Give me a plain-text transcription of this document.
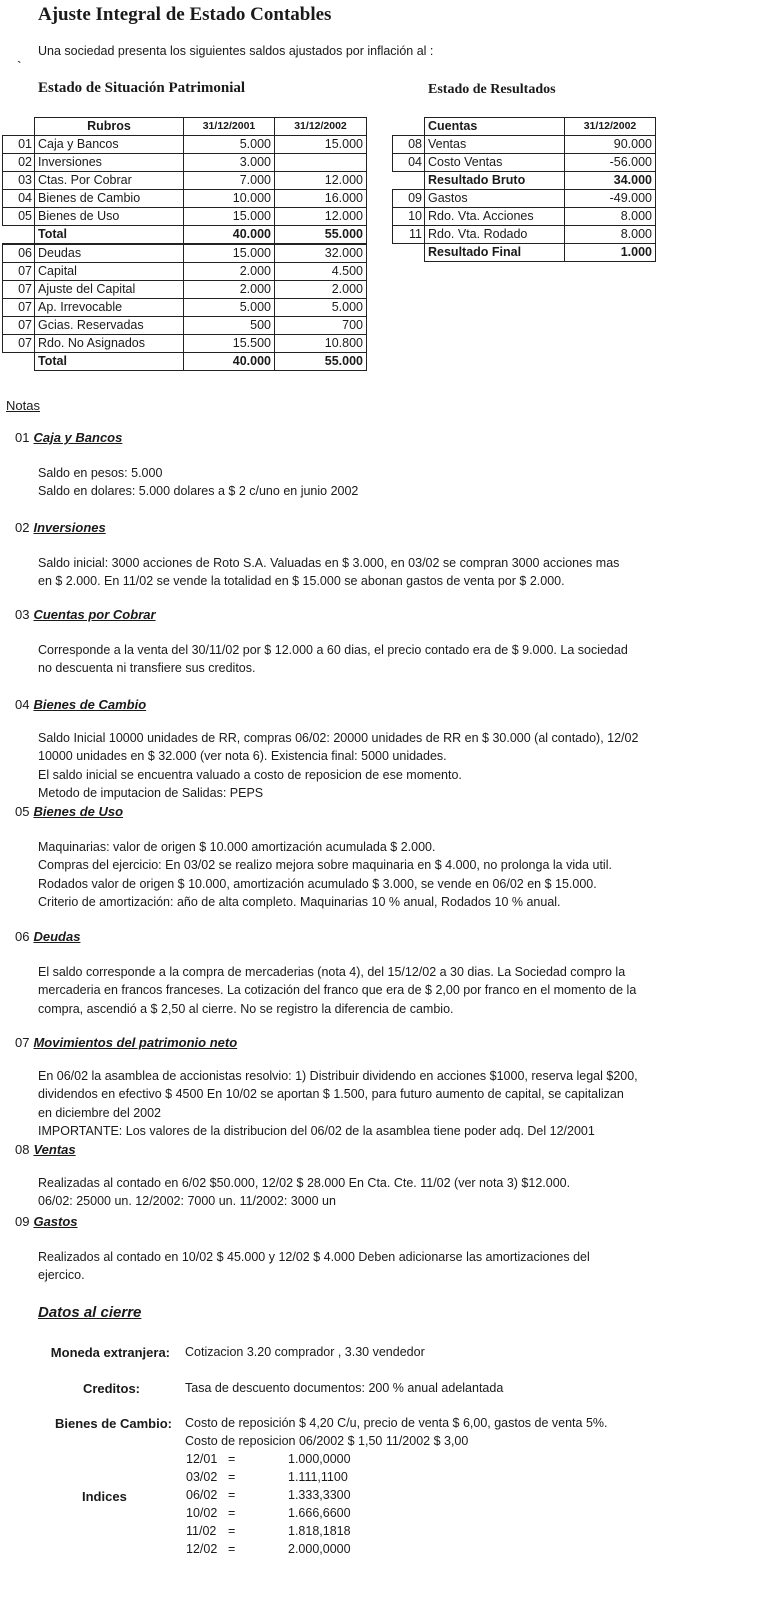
Ajuste Integral de Estado Contables
Una sociedad presenta los siguientes saldos ajustados por inflación al :
`
Estado de Situación Patrimonial	Estado de Resultados
	Rubros	31/12/2001	31/12/2002
01	Caja y Bancos	5.000	15.000
02	Inversiones	3.000	
03	Ctas. Por Cobrar	7.000	12.000
04	Bienes de Cambio	10.000	16.000
05	Bienes de Uso	15.000	12.000
	Total	40.000	55.000
06	Deudas	15.000	32.000
07	Capital	2.000	4.500
07	Ajuste del Capital	2.000	2.000
07	Ap. Irrevocable	5.000	5.000
07	Gcias. Reservadas	500	700
07	Rdo. No Asignados	15.500	10.800
	Total	40.000	55.000
	Cuentas	31/12/2002
08	Ventas	90.000
04	Costo Ventas	-56.000
	Resultado Bruto	34.000
09	Gastos	-49.000
10	Rdo. Vta. Acciones	8.000
11	Rdo. Vta. Rodado	8.000
	Resultado Final	1.000
Notas
01 Caja y Bancos
Saldo en pesos: 5.000
Saldo en dolares: 5.000 dolares a $ 2 c/uno en junio 2002
02 Inversiones
Saldo inicial: 3000 acciones de Roto S.A. Valuadas en $ 3.000, en 03/02 se compran 3000 acciones mas
en $ 2.000. En 11/02 se vende la totalidad en $ 15.000 se abonan gastos de venta por $ 2.000.
03 Cuentas por Cobrar
Corresponde a la venta del 30/11/02 por $ 12.000 a 60 dias, el precio contado era de $ 9.000. La sociedad
no descuenta ni transfiere sus creditos.
04 Bienes de Cambio
Saldo Inicial 10000 unidades de RR, compras 06/02: 20000 unidades de RR en $ 30.000 (al contado), 12/02
10000 unidades en $ 32.000 (ver nota 6). Existencia final: 5000 unidades.
El saldo inicial se encuentra valuado a costo de reposicion de ese momento.
Metodo de imputacion de Salidas: PEPS
05 Bienes de Uso
Maquinarias: valor de origen $ 10.000 amortización acumulada $ 2.000.
Compras del ejercicio: En 03/02 se realizo mejora sobre maquinaria en $ 4.000, no prolonga la vida util.
Rodados valor de origen $ 10.000, amortización acumulado $ 3.000, se vende en 06/02 en $ 15.000.
Criterio de amortización: año de alta completo. Maquinarias 10 % anual, Rodados 10 % anual.
06 Deudas
El saldo corresponde a la compra de mercaderias (nota 4), del 15/12/02 a 30 dias. La Sociedad compro la
mercaderia en francos franceses. La cotización del franco que era de $ 2,00 por franco en el momento de la
compra, ascendió a $ 2,50 al cierre. No se registro la diferencia de cambio.
07 Movimientos del patrimonio neto
En 06/02 la asamblea de accionistas resolvio: 1) Distribuir dividendo en acciones $1000, reserva legal $200,
dividendos en efectivo $ 4500 En 10/02 se aportan $ 1.500, para futuro aumento de capital, se capitalizan
en diciembre del 2002
IMPORTANTE: Los valores de la distribucion del 06/02 de la asamblea tiene poder adq. Del 12/2001
08 Ventas
Realizadas al contado en 6/02 $50.000, 12/02 $ 28.000 En Cta. Cte. 11/02 (ver nota 3) $12.000.
06/02: 25000 un. 12/2002: 7000 un. 11/2002: 3000 un
09 Gastos
Realizados al contado en 10/02 $ 45.000 y 12/02 $ 4.000 Deben adicionarse las amortizaciones del
ejercico.
Datos al cierre
Moneda extranjera: Cotizacion 3.20 comprador , 3.30 vendedor
Creditos:	Tasa de descuento documentos: 200 % anual adelantada
Bienes de Cambio: Costo de reposición $ 4,20 C/u, precio de venta $ 6,00, gastos de venta 5%.
Costo de reposicion 06/2002 $ 1,50 11/2002 $ 3,00
Indices
12/01 =	1.000,0000
03/02 =	1.111,1100
06/02 =	1.333,3300
10/02 =	1.666,6600
11/02 =	1.818,1818
12/02 =	2.000,0000
